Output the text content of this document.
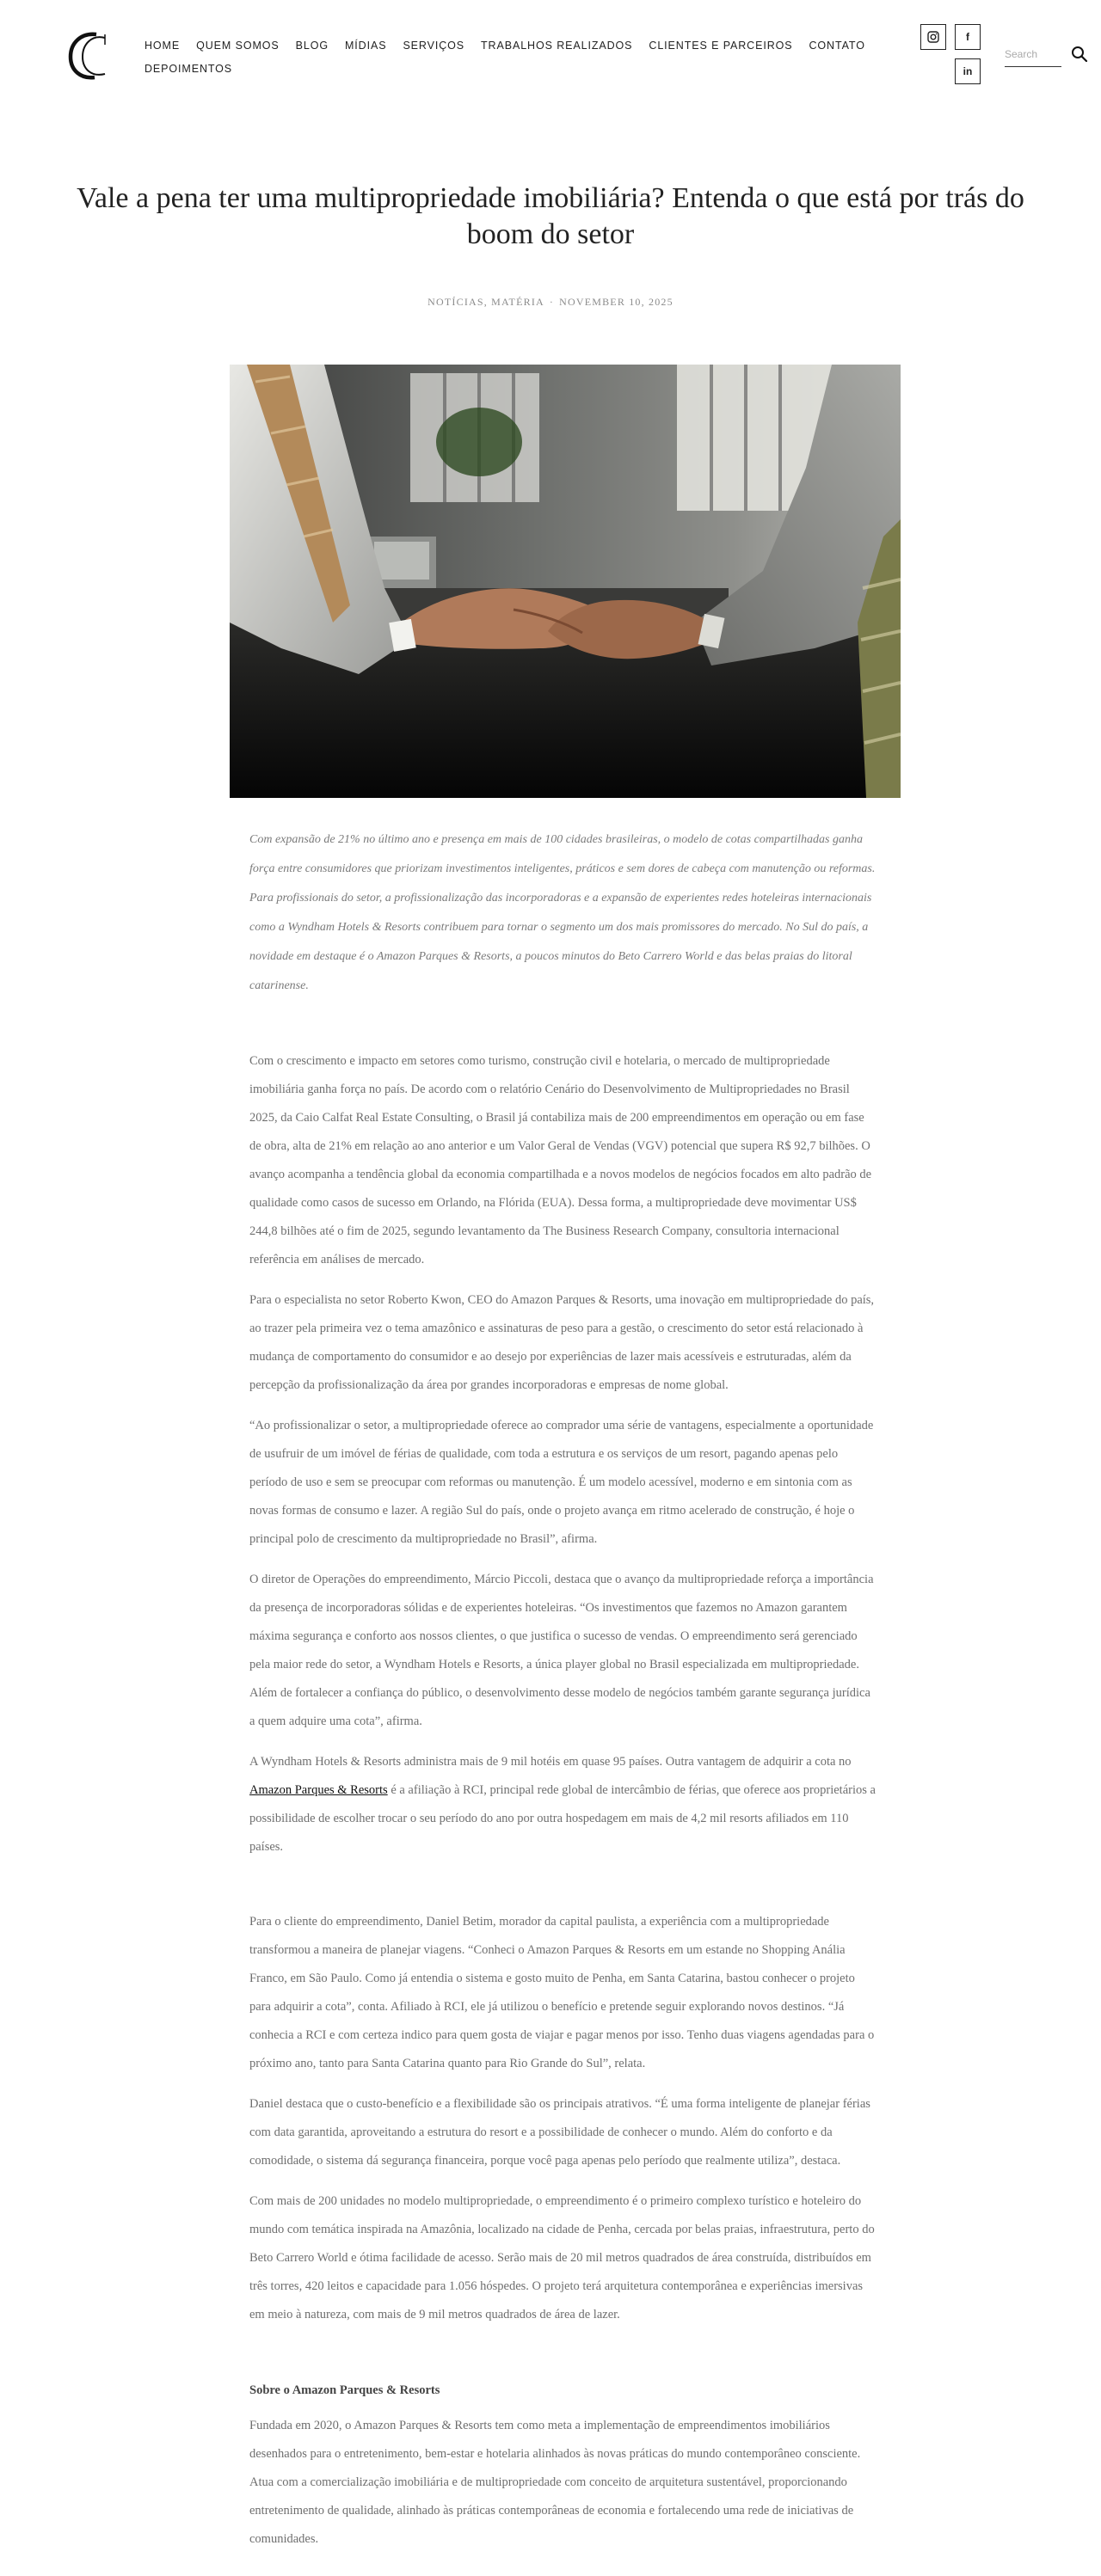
HOME QUEM SOMOS BLOG MÍDIAS SERVIÇOS TRABALHOS REALIZADOS CLIENTES E PARCEIROS CONTATO
DEPOIMENTOS
f
in
Search
Vale a pena ter uma multipropriedade imobiliária? Entenda o que está por trás do boom do setor
NOTÍCIAS, MATÉRIA · NOVEMBER 10, 2025

Com expansão de 21% no último ano e presença em mais de 100 cidades brasileiras, o modelo de cotas compartilhadas ganha força entre consumidores que priorizam investimentos inteligentes, práticos e sem dores de cabeça com manutenção ou reformas. Para profissionais do setor, a profissionalização das incorporadoras e a expansão de experientes redes hoteleiras internacionais como a Wyndham Hotels & Resorts contribuem para tornar o segmento um dos mais promissores do mercado. No Sul do país, a novidade em destaque é o Amazon Parques & Resorts, a poucos minutos do Beto Carrero World e das belas praias do litoral catarinense.

Com o crescimento e impacto em setores como turismo, construção civil e hotelaria, o mercado de multipropriedade imobiliária ganha força no país. De acordo com o relatório Cenário do Desenvolvimento de Multipropriedades no Brasil 2025, da Caio Calfat Real Estate Consulting, o Brasil já contabiliza mais de 200 empreendimentos em operação ou em fase de obra, alta de 21% em relação ao ano anterior e um Valor Geral de Vendas (VGV) potencial que supera R$ 92,7 bilhões. O avanço acompanha a tendência global da economia compartilhada e a novos modelos de negócios focados em alto padrão de qualidade como casos de sucesso em Orlando, na Flórida (EUA). Dessa forma, a multipropriedade deve movimentar US$ 244,8 bilhões até o fim de 2025, segundo levantamento da The Business Research Company, consultoria internacional referência em análises de mercado.

Para o especialista no setor Roberto Kwon, CEO do Amazon Parques & Resorts, uma inovação em multipropriedade do país, ao trazer pela primeira vez o tema amazônico e assinaturas de peso para a gestão, o crescimento do setor está relacionado à mudança de comportamento do consumidor e ao desejo por experiências de lazer mais acessíveis e estruturadas, além da percepção da profissionalização da área por grandes incorporadoras e empresas de nome global.

“Ao profissionalizar o setor, a multipropriedade oferece ao comprador uma série de vantagens, especialmente a oportunidade de usufruir de um imóvel de férias de qualidade, com toda a estrutura e os serviços de um resort, pagando apenas pelo período de uso e sem se preocupar com reformas ou manutenção. É um modelo acessível, moderno e em sintonia com as novas formas de consumo e lazer. A região Sul do país, onde o projeto avança em ritmo acelerado de construção, é hoje o principal polo de crescimento da multipropriedade no Brasil”, afirma.

O diretor de Operações do empreendimento, Márcio Piccoli, destaca que o avanço da multipropriedade reforça a importância da presença de incorporadoras sólidas e de experientes hoteleiras. “Os investimentos que fazemos no Amazon garantem máxima segurança e conforto aos nossos clientes, o que justifica o sucesso de vendas. O empreendimento será gerenciado pela maior rede do setor, a Wyndham Hotels e Resorts, a única player global no Brasil especializada em multipropriedade. Além de fortalecer a confiança do público, o desenvolvimento desse modelo de negócios também garante segurança jurídica a quem adquire uma cota”, afirma.

A Wyndham Hotels & Resorts administra mais de 9 mil hotéis em quase 95 países. Outra vantagem de adquirir a cota no Amazon Parques & Resorts é a afiliação à RCI, principal rede global de intercâmbio de férias, que oferece aos proprietários a possibilidade de escolher trocar o seu período do ano por outra hospedagem em mais de 4,2 mil resorts afiliados em 110 países.

Para o cliente do empreendimento, Daniel Betim, morador da capital paulista, a experiência com a multipropriedade transformou a maneira de planejar viagens. “Conheci o Amazon Parques & Resorts em um estande no Shopping Anália Franco, em São Paulo. Como já entendia o sistema e gosto muito de Penha, em Santa Catarina, bastou conhecer o projeto para adquirir a cota”, conta. Afiliado à RCI, ele já utilizou o benefício e pretende seguir explorando novos destinos. “Já conhecia a RCI e com certeza indico para quem gosta de viajar e pagar menos por isso. Tenho duas viagens agendadas para o próximo ano, tanto para Santa Catarina quanto para Rio Grande do Sul”, relata.

Daniel destaca que o custo-benefício e a flexibilidade são os principais atrativos. “É uma forma inteligente de planejar férias com data garantida, aproveitando a estrutura do resort e a possibilidade de conhecer o mundo. Além do conforto e da comodidade, o sistema dá segurança financeira, porque você paga apenas pelo período que realmente utiliza”, destaca.

Com mais de 200 unidades no modelo multipropriedade, o empreendimento é o primeiro complexo turístico e hoteleiro do mundo com temática inspirada na Amazônia, localizado na cidade de Penha, cercada por belas praias, infraestrutura, perto do Beto Carrero World e ótima facilidade de acesso. Serão mais de 20 mil metros quadrados de área construída, distribuídos em três torres, 420 leitos e capacidade para 1.056 hóspedes. O projeto terá arquitetura contemporânea e experiências imersivas em meio à natureza, com mais de 9 mil metros quadrados de área de lazer.

Sobre o Amazon Parques & Resorts

Fundada em 2020, o Amazon Parques & Resorts tem como meta a implementação de empreendimentos imobiliários desenhados para o entretenimento, bem-estar e hotelaria alinhados às novas práticas do mundo contemporâneo consciente. Atua com a comercialização imobiliária e de multipropriedade com conceito de arquitetura sustentável, proporcionando entretenimento de qualidade, alinhado às práticas contemporâneas de economia e fortalecendo uma rede de iniciativas de comunidades.
